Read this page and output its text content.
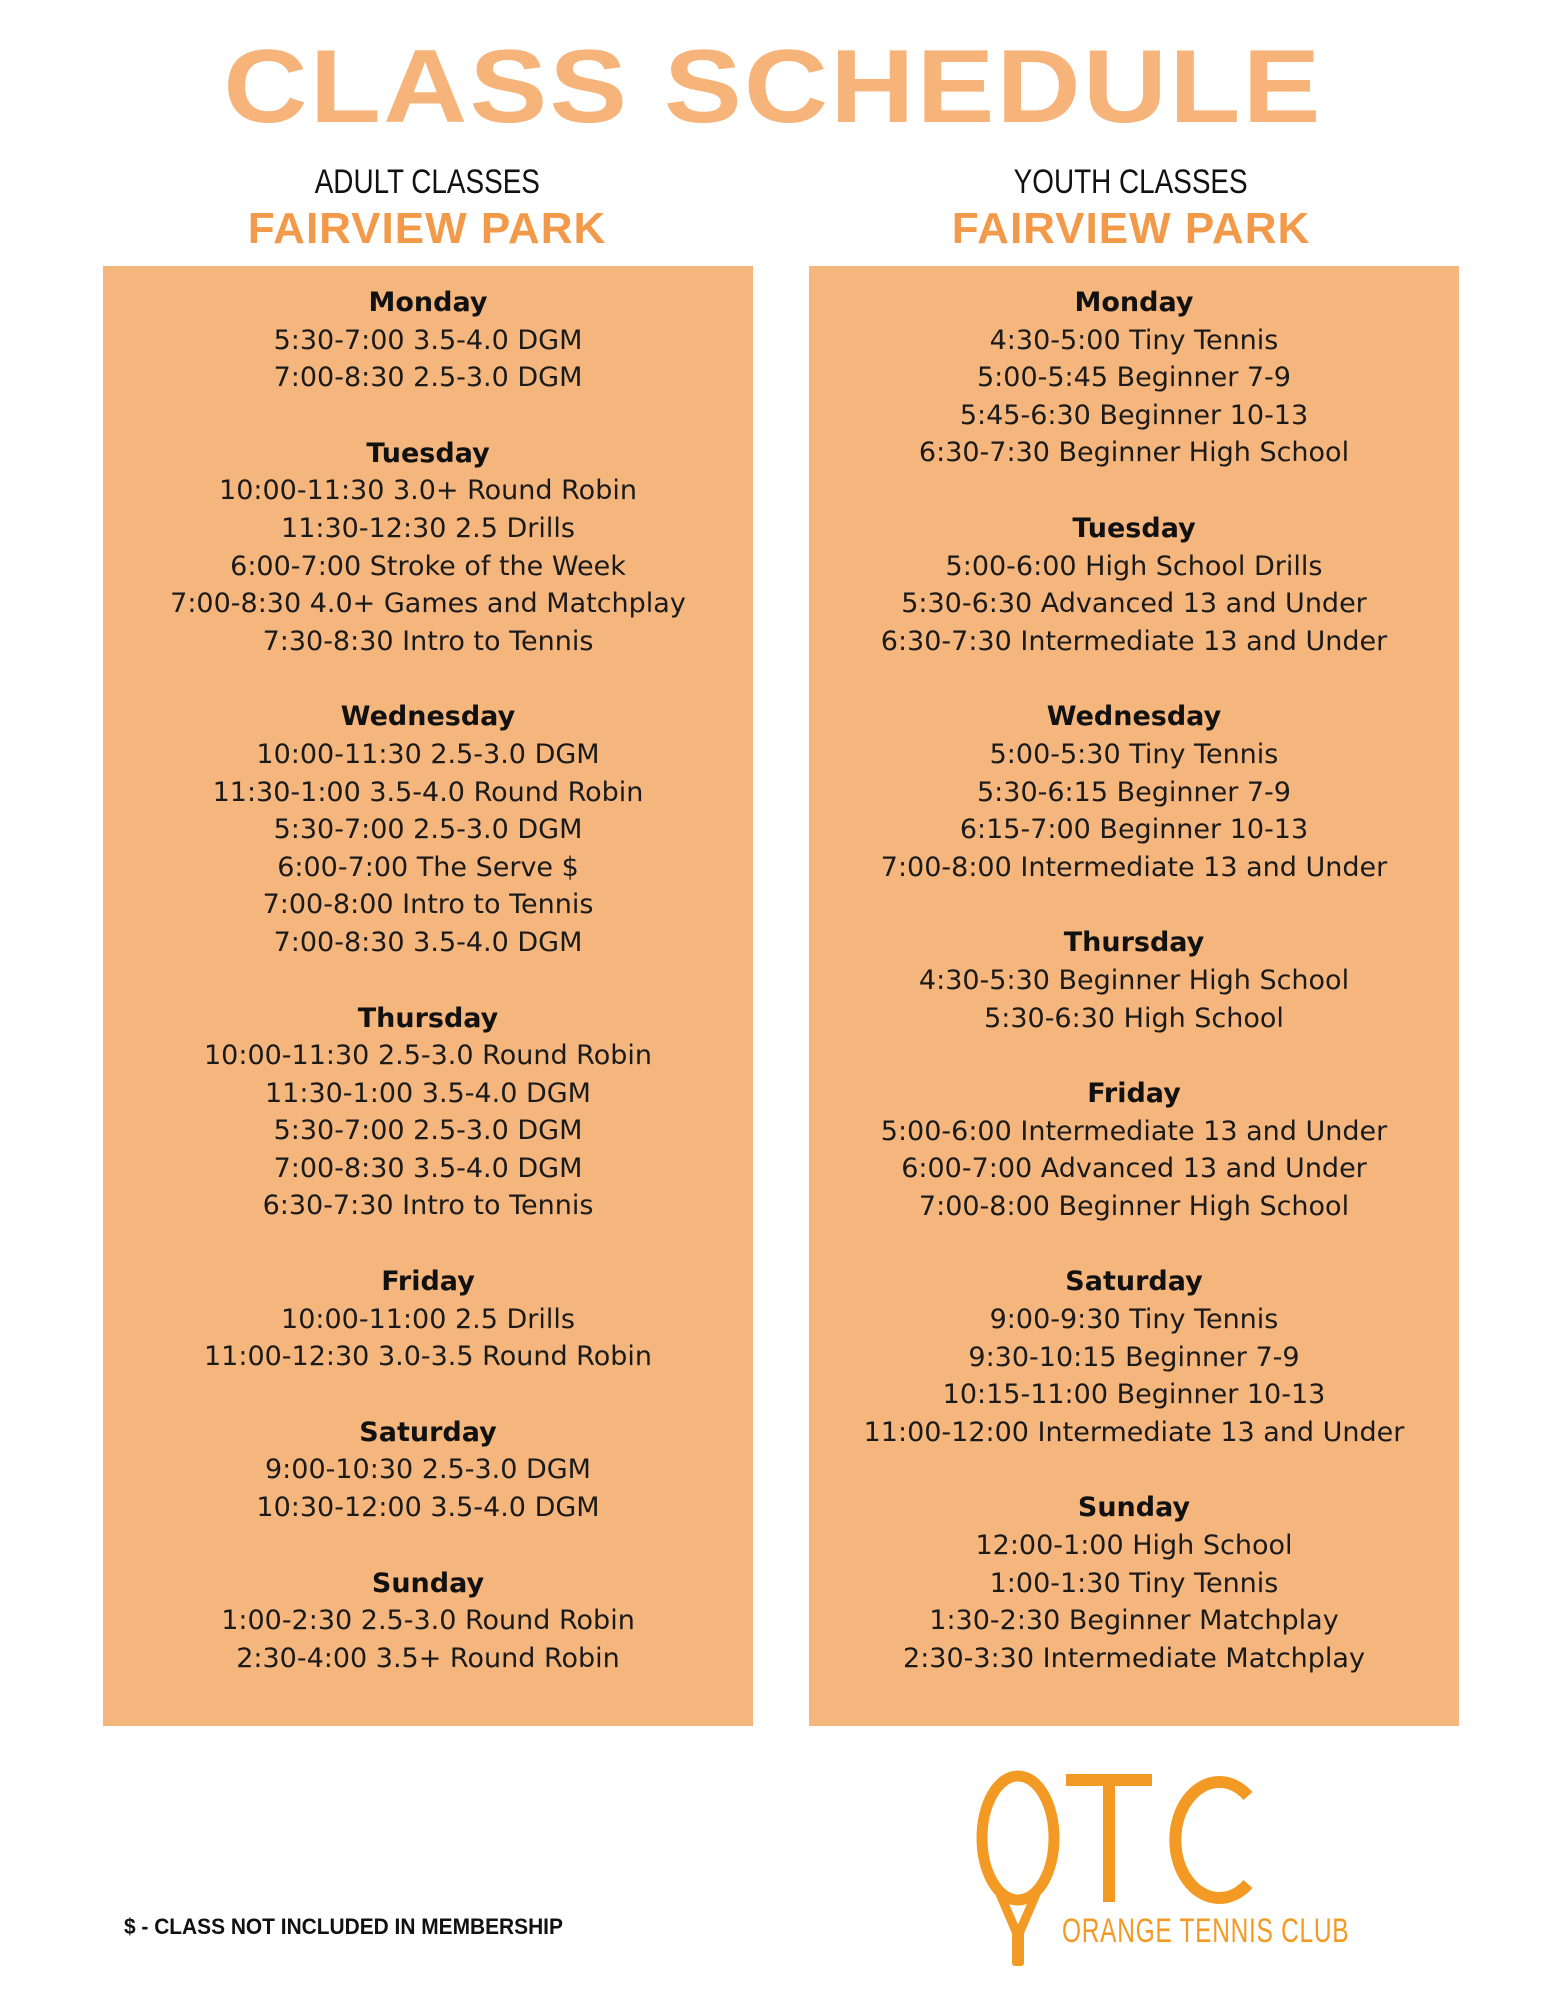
CLASS SCHEDULE
ADULT CLASSES
FAIRVIEW PARK
YOUTH CLASSES
FAIRVIEW PARK
Monday
5:30-7:00 3.5-4.0 DGM
7:00-8:30 2.5-3.0 DGM
Tuesday
10:00-11:30 3.0+ Round Robin
11:30-12:30 2.5 Drills
6:00-7:00 Stroke of the Week
7:00-8:30 4.0+ Games and Matchplay
7:30-8:30 Intro to Tennis
Wednesday
10:00-11:30 2.5-3.0 DGM
11:30-1:00 3.5-4.0 Round Robin
5:30-7:00 2.5-3.0 DGM
6:00-7:00 The Serve $
7:00-8:00 Intro to Tennis
7:00-8:30 3.5-4.0 DGM
Thursday
10:00-11:30 2.5-3.0 Round Robin
11:30-1:00 3.5-4.0 DGM
5:30-7:00 2.5-3.0 DGM
7:00-8:30 3.5-4.0 DGM
6:30-7:30 Intro to Tennis
Friday
10:00-11:00 2.5 Drills
11:00-12:30 3.0-3.5 Round Robin
Saturday
9:00-10:30 2.5-3.0 DGM
10:30-12:00 3.5-4.0 DGM
Sunday
1:00-2:30 2.5-3.0 Round Robin
2:30-4:00 3.5+ Round Robin
Monday
4:30-5:00 Tiny Tennis
5:00-5:45 Beginner 7-9
5:45-6:30 Beginner 10-13
6:30-7:30 Beginner High School
Tuesday
5:00-6:00 High School Drills
5:30-6:30 Advanced 13 and Under
6:30-7:30 Intermediate 13 and Under
Wednesday
5:00-5:30 Tiny Tennis
5:30-6:15 Beginner 7-9
6:15-7:00 Beginner 10-13
7:00-8:00 Intermediate 13 and Under
Thursday
4:30-5:30 Beginner High School
5:30-6:30 High School
Friday
5:00-6:00 Intermediate 13 and Under
6:00-7:00 Advanced 13 and Under
7:00-8:00 Beginner High School
Saturday
9:00-9:30 Tiny Tennis
9:30-10:15 Beginner 7-9
10:15-11:00 Beginner 10-13
11:00-12:00 Intermediate 13 and Under
Sunday
12:00-1:00 High School
1:00-1:30 Tiny Tennis
1:30-2:30 Beginner Matchplay
2:30-3:30 Intermediate Matchplay
$ - CLASS NOT INCLUDED IN MEMBERSHIP	ORANGE TENNIS CLUB
